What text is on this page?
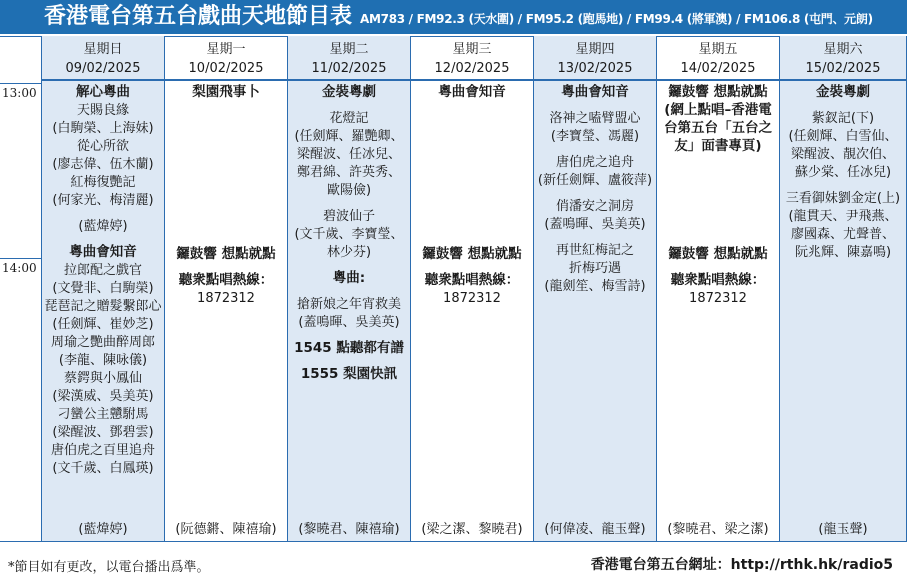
香港電台第五台戲曲天地節目表 AM783 / FM92.3 (天水圍) / FM95.2 (跑馬地) / FM99.4 (將軍澳) / FM106.8 (屯門、元朗)
13:00
14:00
星期日
09/02/2025
解心粵曲
天賜良緣
(白駒榮、上海妹)
從心所欲
(廖志偉、伍木蘭)
紅梅復艷記
(何家光、梅清麗)
(藍煒婷)
粵曲會知音
拉郎配之戲官
(文覺非、白駒榮)
琵琶記之贈髮繫郎心
(任劍輝、崔妙芝)
周瑜之艷曲醉周郎
(李龍、陳咏儀)
蔡鍔與小鳳仙
(梁漢威、吳美英)
刁蠻公主戇駙馬
(梁醒波、鄧碧雲)
唐伯虎之百里追舟
(文千歲、白鳳瑛)
(藍煒婷)
星期一
10/02/2025
梨園飛事卜
鑼鼓響 想點就點
聽衆點唱熱線：
1872312
(阮德鏘、陳禧瑜)
星期二
11/02/2025
金裝粵劇
花燈記
(任劍輝、羅艷卿、
梁醒波、任冰兒、
鄭君綿、許英秀、
歐陽儉)
碧波仙子
(文千歲、李寶瑩、
林少芬)
粵曲:
搶新娘之年宵救美
(蓋鳴暉、吳美英)
1545 點聽都有譜
1555 梨園快訊
(黎曉君、陳禧瑜)
星期三
12/02/2025
粵曲會知音
鑼鼓響 想點就點
聽衆點唱熱線：
1872312
(梁之潔、黎曉君)
星期四
13/02/2025
粵曲會知音
洛神之嗑臂盟心
(李寶瑩、馮麗)
唐伯虎之追舟
(新任劍輝、盧筱萍)
俏潘安之洞房
(蓋鳴暉、吳美英)
再世紅梅記之
折梅巧遇
(龍劍笙、梅雪詩)
(何偉凌、龍玉聲)
星期五
14/02/2025
鑼鼓響 想點就點
(網上點唱–香港電
台第五台「五台之
友」面書專頁)
鑼鼓響 想點就點
聽衆點唱熱線：
1872312
(黎曉君、梁之潔)
星期六
15/02/2025
金裝粵劇
紫釵記(下)
(任劍輝、白雪仙、
梁醒波、靚次伯、
蘇少棠、任冰兒)
三看御妹劉金定(上)
(龍貫天、尹飛燕、
廖國森、尤聲普、
阮兆輝、陳嘉鳴)
(龍玉聲)
*節目如有更改，以電台播出爲準。	香港電台第五台網址：http://rthk.hk/radio5
